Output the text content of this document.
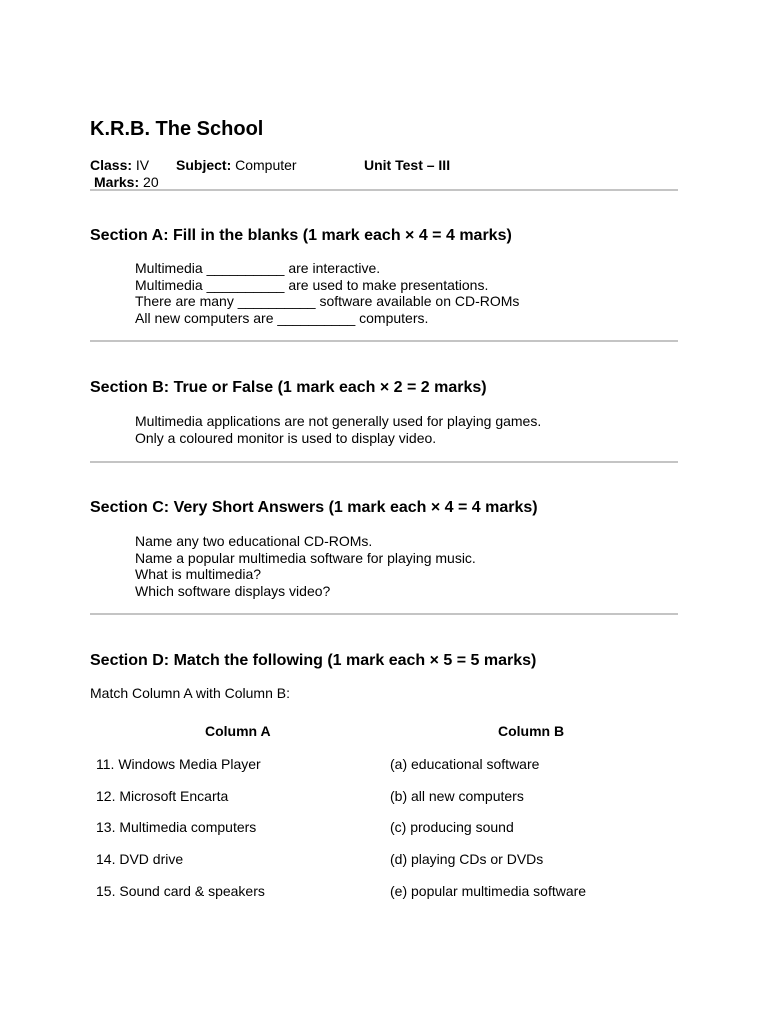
K.R.B. The School
Class: IV Subject: Computer	Unit Test – III
Marks: 20
Section A: Fill in the blanks (1 mark each × 4 = 4 marks)
Multimedia __________ are interactive.
Multimedia __________ are used to make presentations.
There are many __________ software available on CD-ROMs
All new computers are __________ computers.
Section B: True or False (1 mark each × 2 = 2 marks)
Multimedia applications are not generally used for playing games.
Only a coloured monitor is used to display video.
Section C: Very Short Answers (1 mark each × 4 = 4 marks)
Name any two educational CD-ROMs.
Name a popular multimedia software for playing music.
What is multimedia?
Which software displays video?
Section D: Match the following (1 mark each × 5 = 5 marks)
Match Column A with Column B:
Column A	Column B
11. Windows Media Player	(a) educational software
12. Microsoft Encarta	(b) all new computers
13. Multimedia computers	(c) producing sound
14. DVD drive	(d) playing CDs or DVDs
15. Sound card & speakers	(e) popular multimedia software
